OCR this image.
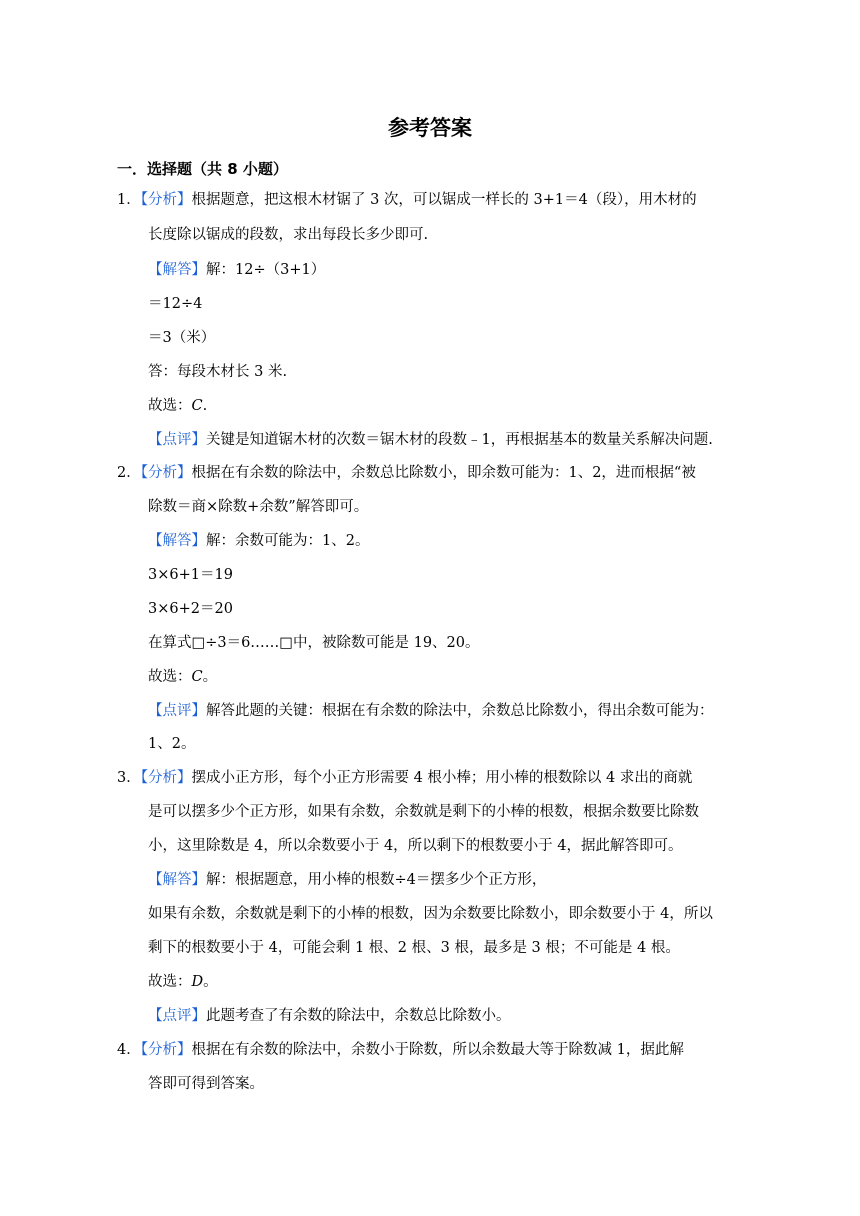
参考答案
一．选择题（共 8 小题）
1．【分析】根据题意，把这根木材锯了 3 次，可以锯成一样长的 3+1＝4（段），用木材的
长度除以锯成的段数，求出每段长多少即可.
【解答】解：12÷（3+1）
＝12÷4
＝3（米）
答：每段木材长 3 米.
故选：C.
【点评】关键是知道锯木材的次数＝锯木材的段数﹣1，再根据基本的数量关系解决问题.
2．【分析】根据在有余数的除法中，余数总比除数小，即余数可能为：1、2，进而根据“被
除数＝商×除数+余数”解答即可。
【解答】解：余数可能为：1、2。
3×6+1＝19
3×6+2＝20
在算式□÷3＝6……□中，被除数可能是 19、20。
故选：C。
【点评】解答此题的关键：根据在有余数的除法中，余数总比除数小，得出余数可能为：
1、2。
3．【分析】摆成小正方形，每个小正方形需要 4 根小棒；用小棒的根数除以 4 求出的商就
是可以摆多少个正方形，如果有余数，余数就是剩下的小棒的根数，根据余数要比除数
小，这里除数是 4，所以余数要小于 4，所以剩下的根数要小于 4，据此解答即可。
【解答】解：根据题意，用小棒的根数÷4＝摆多少个正方形，
如果有余数，余数就是剩下的小棒的根数，因为余数要比除数小，即余数要小于 4，所以
剩下的根数要小于 4，可能会剩 1 根、2 根、3 根，最多是 3 根；不可能是 4 根。
故选：D。
【点评】此题考查了有余数的除法中，余数总比除数小。
4．【分析】根据在有余数的除法中，余数小于除数，所以余数最大等于除数减 1，据此解
答即可得到答案。
